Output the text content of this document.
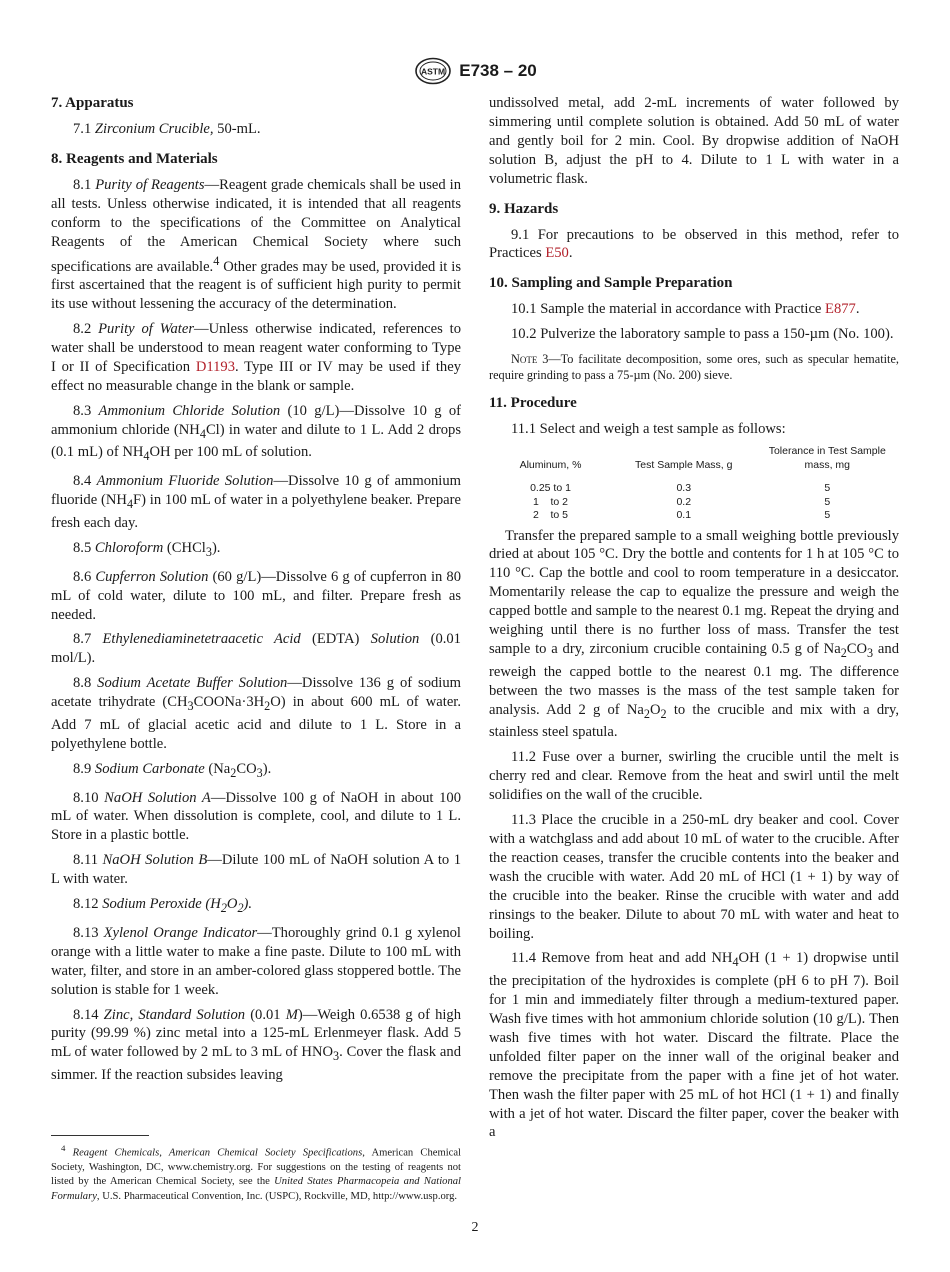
ASTM E738 – 20
7. Apparatus

7.1 Zirconium Crucible, 50-mL.

8. Reagents and Materials

8.1 Purity of Reagents—Reagent grade chemicals shall be used in all tests. Unless otherwise indicated, it is intended that all reagents conform to the specifications of the Committee on Analytical Reagents of the American Chemical Society where such specifications are available.$^4$ Other grades may be used, provided it is first ascertained that the reagent is of sufficient high purity to permit its use without lessening the accuracy of the determination.

8.2 Purity of Water—Unless otherwise indicated, references to water shall be understood to mean reagent water conforming to Type I or II of Specification D1193. Type III or IV may be used if they effect no measurable change in the blank or sample.

8.3 Ammonium Chloride Solution (10 g/L)—Dissolve 10 g of ammonium chloride $(NH_4Cl)$ in water and dilute to 1 L. Add 2 drops (0.1 mL) of $NH_4OH$ per 100 mL of solution.

8.4 Ammonium Fluoride Solution—Dissolve 10 g of ammonium fluoride $(NH_4F)$ in 100 mL of water in a polyethylene beaker. Prepare fresh each day.

8.5 Chloroform (CHCl$_3$).

8.6 Cupferron Solution (60 g/L)—Dissolve 6 g of cupferron in 80 mL of cold water, dilute to 100 mL, and filter. Prepare fresh as needed.

8.7 Ethylenediaminetetraacetic Acid (EDTA) Solution (0.01 mol/L).

8.8 Sodium Acetate Buffer Solution—Dissolve 136 g of sodium acetate trihydrate $(CH_3COONa\cdot 3H_2O)$ in about 600 mL of water. Add 7 mL of glacial acetic acid and dilute to 1 L. Store in a polyethylene bottle.

8.9 Sodium Carbonate $(Na_2CO_3)$.

8.10 NaOH Solution A—Dissolve 100 g of NaOH in about 100 mL of water. When dissolution is complete, cool, and dilute to 1 L. Store in a plastic bottle.

8.11 NaOH Solution B—Dilute 100 mL of NaOH solution A to 1 L with water.

8.12 Sodium Peroxide $(H_2O_2)$.

8.13 Xylenol Orange Indicator—Thoroughly grind 0.1 g xylenol orange with a little water to make a fine paste. Dilute to 100 mL with water, filter, and store in an amber-colored glass stoppered bottle. The solution is stable for 1 week.

8.14 Zinc, Standard Solution (0.01 M)—Weigh 0.6538 g of high purity (99.99 %) zinc metal into a 125-mL Erlenmeyer flask. Add 5 mL of water followed by 2 mL to 3 mL of $HNO_3$. Cover the flask and simmer. If the reaction subsides leaving

$^4$ Reagent Chemicals, American Chemical Society Specifications, American Chemical Society, Washington, DC, www.chemistry.org. For suggestions on the testing of reagents not listed by the American Chemical Society, see the United States Pharmacopeia and National Formulary, U.S. Pharmaceutical Convention, Inc. (USPC), Rockville, MD, http://www.usp.org.

undissolved metal, add 2-mL increments of water followed by simmering until complete solution is obtained. Add 50 mL of water and gently boil for 2 min. Cool. By dropwise addition of NaOH solution B, adjust the pH to 4. Dilute to 1 L with water in a volumetric flask.

9. Hazards

9.1 For precautions to be observed in this method, refer to Practices E50.

10. Sampling and Sample Preparation

10.1 Sample the material in accordance with Practice E877.

10.2 Pulverize the laboratory sample to pass a 150-µm (No. 100).

Note 3—To facilitate decomposition, some ores, such as specular hematite, require grinding to pass a 75-µm (No. 200) sieve.
11. Procedure

11.1 Select and weigh a test sample as follows:

Aluminum, %	Test Sample Mass, g	Tolerance in Test Sample mass, mg
0.25 to 1	0.3	5
1    to 2	0.2	5
2    to 5	0.1	5

Transfer the prepared sample to a small weighing bottle previously dried at about 105 °C. Dry the bottle and contents for 1 h at 105 °C to 110 °C. Cap the bottle and cool to room temperature in a desiccator. Momentarily release the cap to equalize the pressure and weigh the capped bottle and sample to the nearest 0.1 mg. Repeat the drying and weighing until there is no further loss of mass. Transfer the test sample to a dry, zirconium crucible containing 0.5 g of $Na_2CO_3$ and reweigh the capped bottle to the nearest 0.1 mg. The difference between the two masses is the mass of the test sample taken for analysis. Add 2 g of $Na_2O_2$ to the crucible and mix with a dry, stainless steel spatula.

11.2 Fuse over a burner, swirling the crucible until the melt is cherry red and clear. Remove from the heat and swirl until the melt solidifies on the wall of the crucible.

11.3 Place the crucible in a 250-mL dry beaker and cool. Cover with a watchglass and add about 10 mL of water to the crucible. After the reaction ceases, transfer the crucible contents into the beaker and wash the crucible with water. Add 20 mL of HCl (1 + 1) by way of the crucible into the beaker. Rinse the crucible with water and add rinsings to the beaker. Dilute to about 70 mL with water and heat to boiling.

11.4 Remove from heat and add $NH_4OH$ (1 + 1) dropwise until the precipitation of the hydroxides is complete (pH 6 to pH 7). Boil for 1 min and immediately filter through a medium-textured paper. Wash five times with hot ammonium chloride solution (10 g/L). Then wash five times with hot water. Discard the filtrate. Place the unfolded filter paper on the inner wall of the original beaker and remove the precipitate from the paper with a fine jet of hot water. Then wash the filter paper with 25 mL of hot HCl (1 + 1) and finally with a jet of hot water. Discard the filter paper, cover the beaker with a

2
